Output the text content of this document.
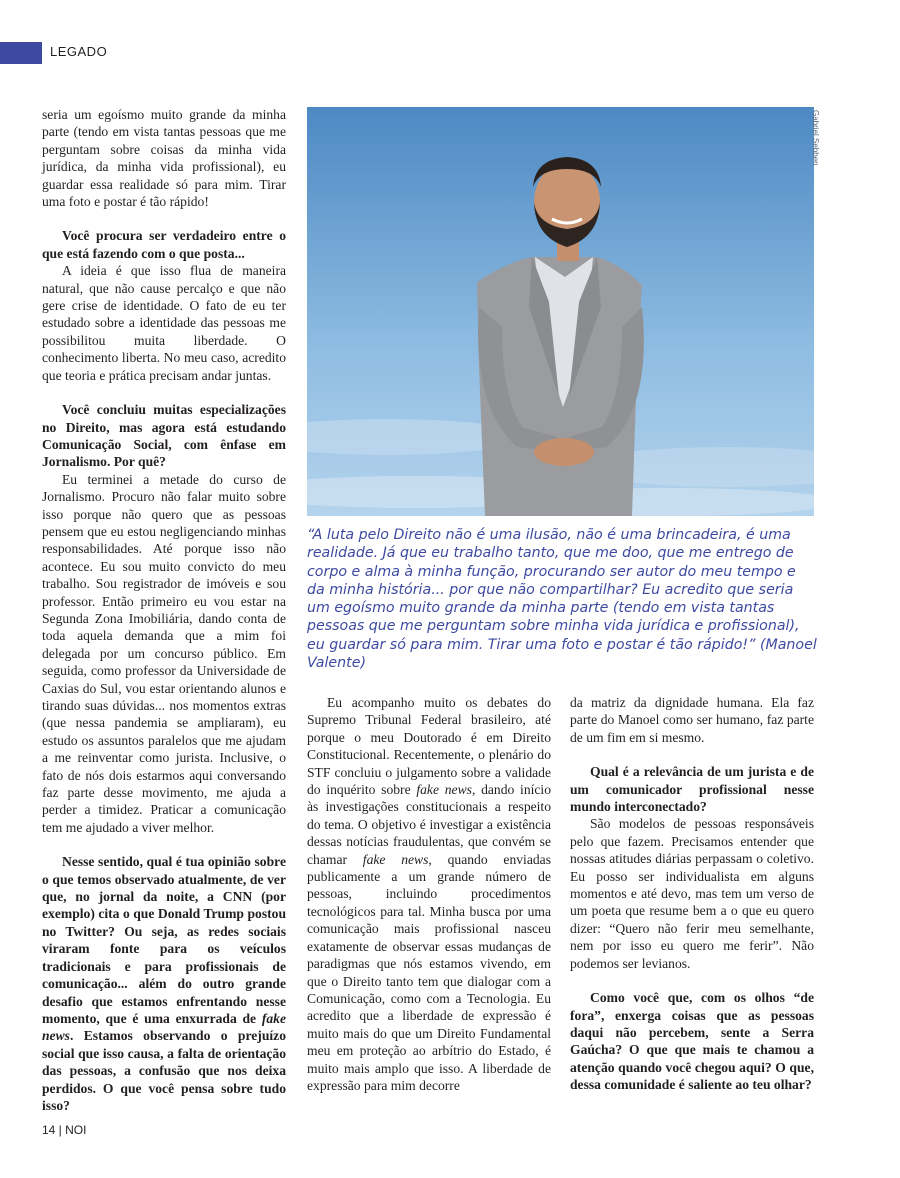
LEGADO

seria um egoísmo muito grande da minha parte (tendo em vista tantas pessoas que me perguntam sobre coisas da minha vida jurídica, da minha vida profissional), eu guardar essa realidade só para mim. Tirar uma foto e postar é tão rápido!

Você procura ser verdadeiro entre o que está fazendo com o que posta...

A ideia é que isso flua de maneira natural, que não cause percalço e que não gere crise de identidade. O fato de eu ter estudado sobre a identidade das pessoas me possibilitou muita liberdade. O conhecimento liberta. No meu caso, acredito que teoria e prática precisam andar juntas.

Você concluiu muitas especializações no Direito, mas agora está estudando Comunicação Social, com ênfase em Jornalismo. Por quê?

Eu terminei a metade do curso de Jornalismo. Procuro não falar muito sobre isso porque não quero que as pessoas pensem que eu estou negligenciando minhas responsabilidades. Até porque isso não acontece. Eu sou muito convicto do meu trabalho. Sou registrador de imóveis e sou professor. Então primeiro eu vou estar na Segunda Zona Imobiliária, dando conta de toda aquela demanda que a mim foi delegada por um concurso público. Em seguida, como professor da Universidade de Caxias do Sul, vou estar orientando alunos e tirando suas dúvidas... nos momentos extras (que nessa pandemia se ampliaram), eu estudo os assuntos paralelos que me ajudam a me reinventar como jurista. Inclusive, o fato de nós dois estarmos aqui conversando faz parte desse movimento, me ajuda a perder a timidez. Praticar a comunicação tem me ajudado a viver melhor.

Nesse sentido, qual é tua opinião sobre o que temos observado atualmente, de ver que, no jornal da noite, a CNN (por exemplo) cita o que Donald Trump postou no Twitter? Ou seja, as redes sociais viraram fonte para os veículos tradicionais e para profissionais de comunicação... além do outro grande desafio que estamos enfrentando nesse momento, que é uma enxurrada de fake news. Estamos observando o prejuízo social que isso causa, a falta de orientação das pessoas, a confusão que nos deixa perdidos. O que você pensa sobre tudo isso?

Gabriel Sebben
“A luta pelo Direito não é uma ilusão, não é uma brincadeira, é uma realidade. Já que eu trabalho tanto, que me doo, que me entrego de corpo e alma à minha função, procurando ser autor do meu tempo e da minha história... por que não compartilhar? Eu acredito que seria um egoísmo muito grande da minha parte (tendo em vista tantas pessoas que me perguntam sobre minha vida jurídica e profissional), eu guardar só para mim. Tirar uma foto e postar é tão rápido!” (Manoel Valente)

Eu acompanho muito os debates do Supremo Tribunal Federal brasileiro, até porque o meu Doutorado é em Direito Constitucional. Recentemente, o plenário do STF concluiu o julgamento sobre a validade do inquérito sobre fake news, dando início às investigações constitucionais a respeito do tema. O objetivo é investigar a existência dessas notícias fraudulentas, que convém se chamar fake news, quando enviadas publicamente a um grande número de pessoas, incluindo procedimentos tecnológicos para tal. Minha busca por uma comunicação mais profissional nasceu exatamente de observar essas mudanças de paradigmas que nós estamos vivendo, em que o Direito tanto tem que dialogar com a Comunicação, como com a Tecnologia. Eu acredito que a liberdade de expressão é muito mais do que um Direito Fundamental meu em proteção ao arbítrio do Estado, é muito mais amplo que isso. A liberdade de expressão para mim decorre

da matriz da dignidade humana. Ela faz parte do Manoel como ser humano, faz parte de um fim em si mesmo.

Qual é a relevância de um jurista e de um comunicador profissional nesse mundo interconectado?

São modelos de pessoas responsáveis pelo que fazem. Precisamos entender que nossas atitudes diárias perpassam o coletivo. Eu posso ser individualista em alguns momentos e até devo, mas tem um verso de um poeta que resume bem a o que eu quero dizer: “Quero não ferir meu semelhante, nem por isso eu quero me ferir”. Não podemos ser levianos.

Como você que, com os olhos “de fora”, enxerga coisas que as pessoas daqui não percebem, sente a Serra Gaúcha? O que que mais te chamou a atenção quando você chegou aqui? O que, dessa comunidade é saliente ao teu olhar?

14 | NOI
